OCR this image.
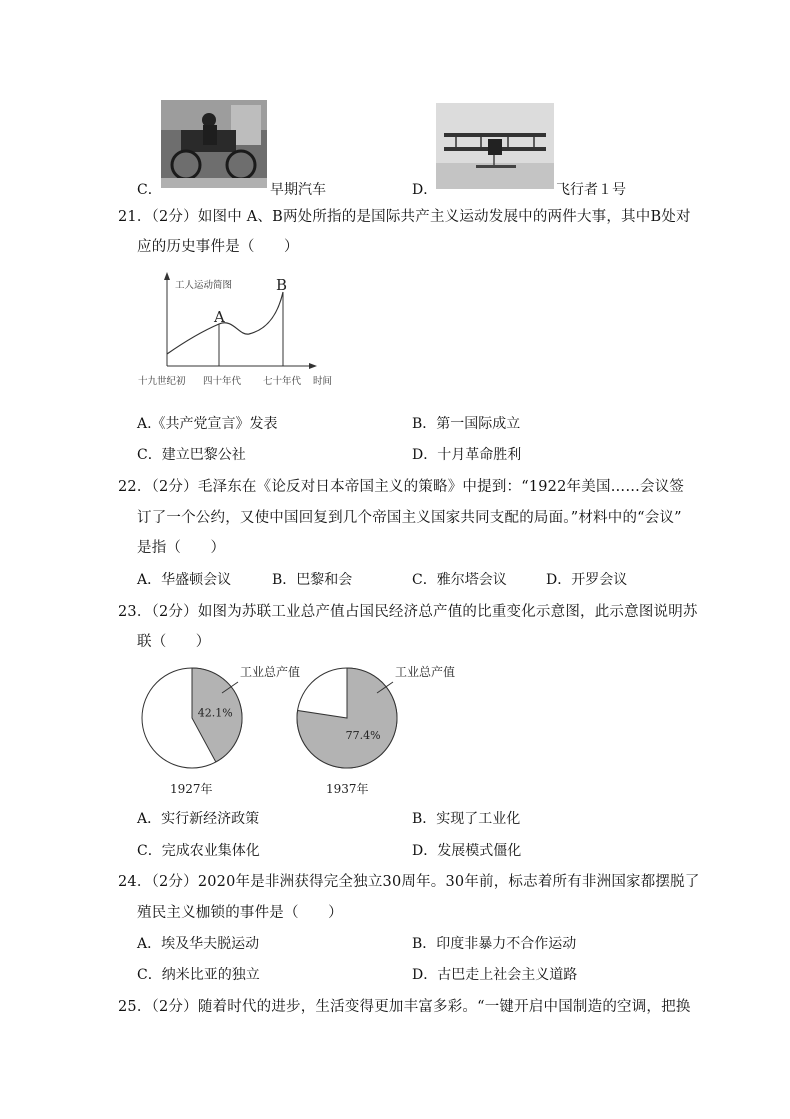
C．	早期汽车	D．	飞行者１号
21．（2分）如图中 A、B两处所指的是国际共产主义运动发展中的两件大事，其中B处对
应的历史事件是（　　）
工人运动简图
A
B
十九世纪初 四十年代 七十年代 时间
A.《共产党宣言》发表	B．第一国际成立
C．建立巴黎公社	D．十月革命胜利
22．（2分）毛泽东在《论反对日本帝国主义的策略》中提到：“1922年美国……会议签
订了一个公约，又使中国回复到几个帝国主义国家共同支配的局面。”材料中的“会议”
是指（　　）
A．华盛顿会议	B．巴黎和会	C．雅尔塔会议	D．开罗会议
23．（2分）如图为苏联工业总产值占国民经济总产值的比重变化示意图，此示意图说明苏
联（　　）
42.1%
工业总产值
1927年
77.4%
工业总产值
1937年
A．实行新经济政策	B．实现了工业化
C．完成农业集体化	D．发展模式僵化
24．（2分）2020年是非洲获得完全独立30周年。30年前，标志着所有非洲国家都摆脱了
殖民主义枷锁的事件是（　　）
A．埃及华夫脱运动	B．印度非暴力不合作运动
C．纳米比亚的独立	D．古巴走上社会主义道路
25．（2分）随着时代的进步，生活变得更加丰富多彩。“一键开启中国制造的空调，把换
